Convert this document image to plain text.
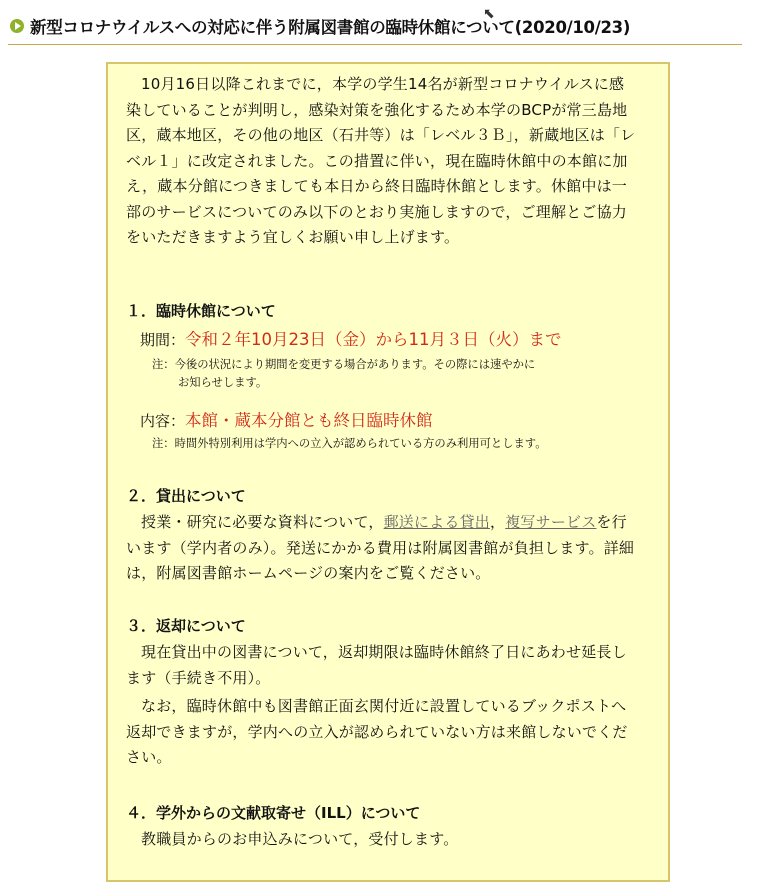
新型コロナウイルスへの対応に伴う附属図書館の臨時休館について(2020/10/23)
⬉

10月16日以降これまでに，本学の学生14名が新型コロナウイルスに感染していることが判明し，感染対策を強化するため本学のBCPが常三島地区，蔵本地区，その他の地区（石井等）は「レベル３Ｂ」，新蔵地区は「レベル１」に改定されました。この措置に伴い，現在臨時休館中の本館に加え，蔵本分館につきましても本日から終日臨時休館とします。休館中は一部のサービスについてのみ以下のとおり実施しますので，ご理解とご協力をいただきますよう宜しくお願い申し上げます。

１．臨時休館について
期間：令和２年10月23日（金）から11月３日（火）まで
注：今後の状況により期間を変更する場合があります。その際には速やかに
お知らせします。
内容：本館・蔵本分館とも終日臨時休館
注：時間外特別利用は学内への立入が認められている方のみ利用可とします。
２．貸出について

授業・研究に必要な資料について，郵送による貸出，複写サービスを行います（学内者のみ）。発送にかかる費用は附属図書館が負担します。詳細は，附属図書館ホームページの案内をご覧ください。

３．返却について

現在貸出中の図書について，返却期限は臨時休館終了日にあわせ延長します（手続き不用）。

なお，臨時休館中も図書館正面玄関付近に設置しているブックポストへ返却できますが，学内への立入が認められていない方は来館しないでください。

４．学外からの文献取寄せ（ILL）について

教職員からのお申込みについて，受付します。
